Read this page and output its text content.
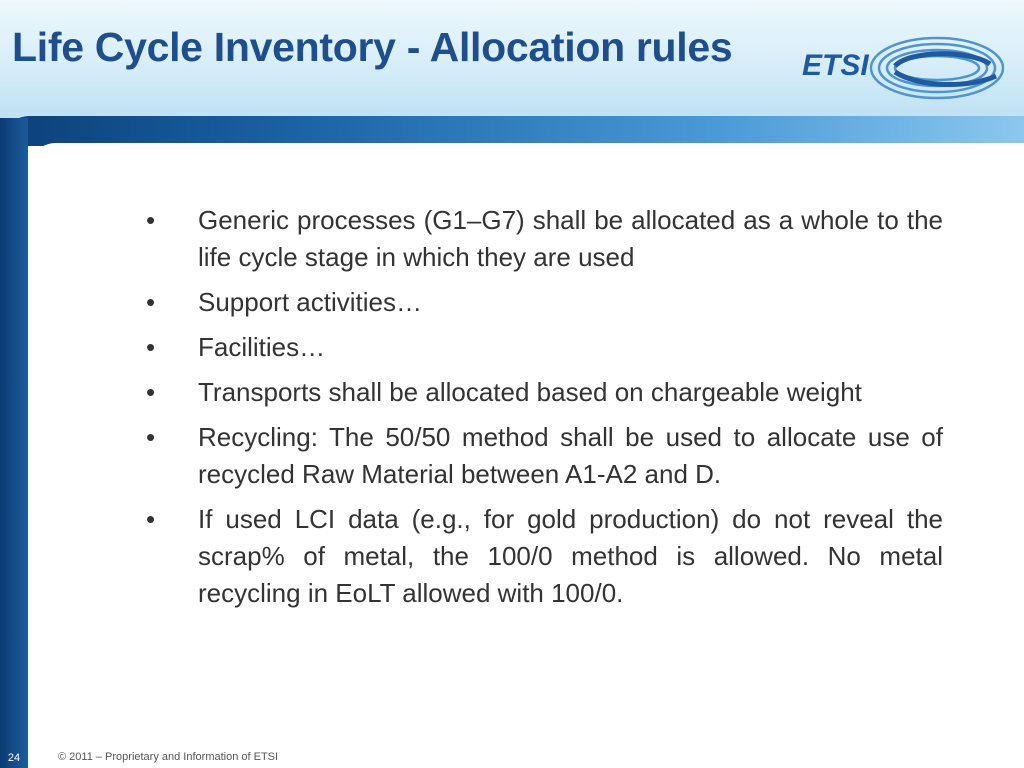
Life Cycle Inventory - Allocation rules ETSI
• Generic processes (G1–G7) shall be allocated as a whole to the life cycle stage in which they are used
• Support activities…
• Facilities…
• Transports shall be allocated based on chargeable weight
• Recycling: The 50/50 method shall be used to allocate use of recycled Raw Material between A1-A2 and D.
• If used LCI data (e.g., for gold production) do not reveal the scrap% of metal, the 100/0 method is allowed. No metal recycling in EoLT allowed with 100/0.
24	© 2011 – Proprietary and Information of ETSI
